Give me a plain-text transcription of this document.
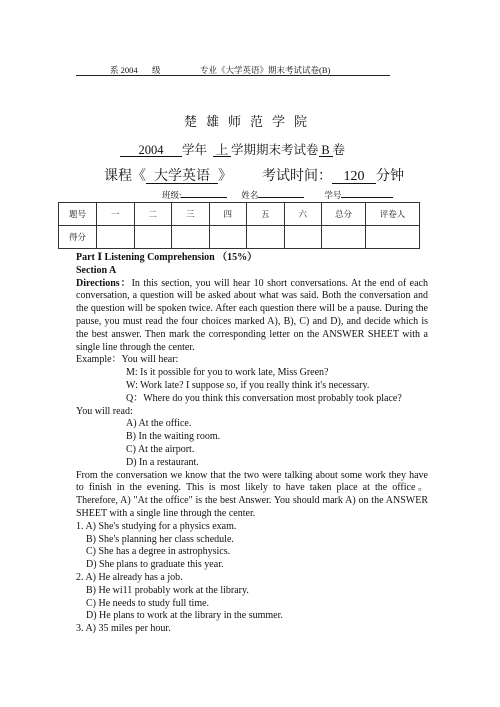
系 2004 级	专业《大学英语》期末考试试卷(B)
楚雄师范学院
2004 学年 上 学期期末考试卷 B 卷
课程《 大学英语 》 考试时间： 120 分钟
班级:	姓名	学号
题号	一	二	三	四	五	六	总分	评卷人
得分								

Part Ⅰ Listening Comprehension （15%）

Section A

Directions：In this section, you will hear 10 short conversations. At the end of each conversation, a question will be asked about what was said. Both the conversation and the question will be spoken twice. After each question there will be a pause. During the pause, you must read the four choices marked A), B), C) and D), and decide which is the best answer. Then mark the corresponding letter on the ANSWER SHEET with a single line through the center.

Example：You will hear:

M: Is it possible for you to work late, Miss Green?

W: Work late? I suppose so, if you really think it's necessary.

Q：Where do you think this conversation most probably took place?

You will read:

A) At the office.

B) In the waiting room.

C) At the airport.

D) In a restaurant.

From the conversation we know that the two were talking about some work they have to finish in the evening. This is most likely to have taken place at the office。Therefore, A) "At the office" is the best Answer. You should mark A) on the ANSWER SHEET with a single line through the center.

1. A) She's studying for a physics exam.

B) She's planning her class schedule.

C) She has a degree in astrophysics.

D) She plans to graduate this year.

2. A) He already has a job.

B) He wi11 probably work at the library.

C) He needs to study full time.

D) He plans to work at the library in the summer.

3. A) 35 miles per hour.
